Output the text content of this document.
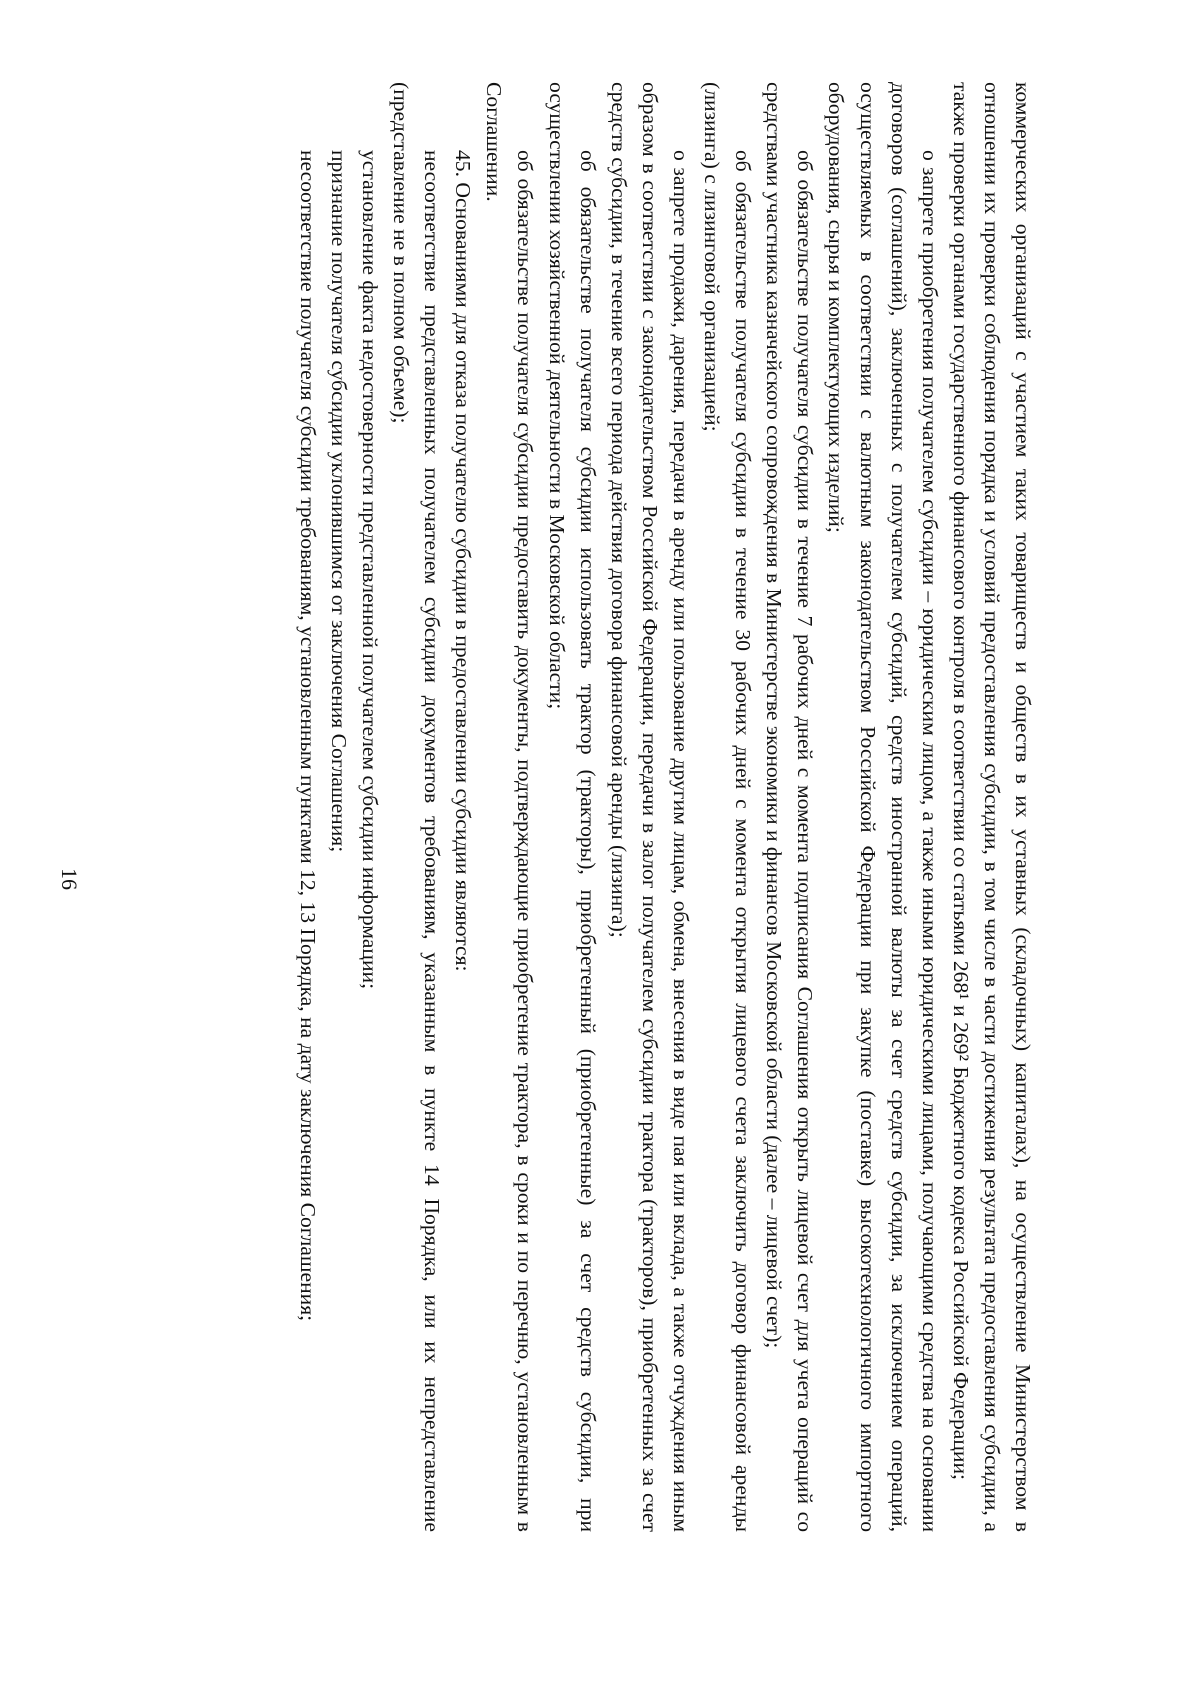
16	коммерческих организаций с участием таких товариществ и обществ в их уставных (складочных) капиталах), на осуществление Министерством в отношении их проверки соблюдения порядка и условий предоставления субсидии, в том числе в части достижения результата предоставления субсидии, а также проверки органами государственного финансового контроля в соответствии со статьями 268¹ и 269² Бюджетного кодекса Российской Федерации;

о запрете приобретения получателем субсидии – юридическим лицом, а также иными юридическими лицами, получающими средства на основании договоров (соглашений), заключенных с получателем субсидий, средств иностранной валюты за счет средств субсидии, за исключением операций, осуществляемых в соответствии с валютным законодательством Российской Федерации при закупке (поставке) высокотехнологичного импортного оборудования, сырья и комплектующих изделий;

об обязательстве получателя субсидии в течение 7 рабочих дней с момента подписания Соглашения открыть лицевой счет для учета операций со средствами участника казначейского сопровождения в Министерстве экономики и финансов Московской области (далее – лицевой счет);

об обязательстве получателя субсидии в течение 30 рабочих дней с момента открытия лицевого счета заключить договор финансовой аренды (лизинга) с лизинговой организацией;

о запрете продажи, дарения, передачи в аренду или пользование другим лицам, обмена, внесения в виде пая или вклада, а также отчуждения иным образом в соответствии с законодательством Российской Федерации, передачи в залог получателем субсидии трактора (тракторов), приобретенных за счет средств субсидии, в течение всего периода действия договора финансовой аренды (лизинга);

об обязательстве получателя субсидии использовать трактор (тракторы), приобретенный (приобретенные) за счет средств субсидии, при осуществлении хозяйственной деятельности в Московской области;

об обязательстве получателя субсидии предоставить документы, подтверждающие приобретение трактора, в сроки и по перечню, установленным в Соглашении.

45. Основаниями для отказа получателю субсидии в предоставлении субсидии являются:

несоответствие представленных получателем субсидии документов требованиям, указанным в пункте 14 Порядка, или их непредставление (представление не в полном объеме);

установление факта недостоверности представленной получателем субсидии информации;

признание получателя субсидии уклонившимся от заключения Соглашения;

несоответствие получателя субсидии требованиям, установленным пунктами 12, 13 Порядка, на дату заключения Соглашения;
